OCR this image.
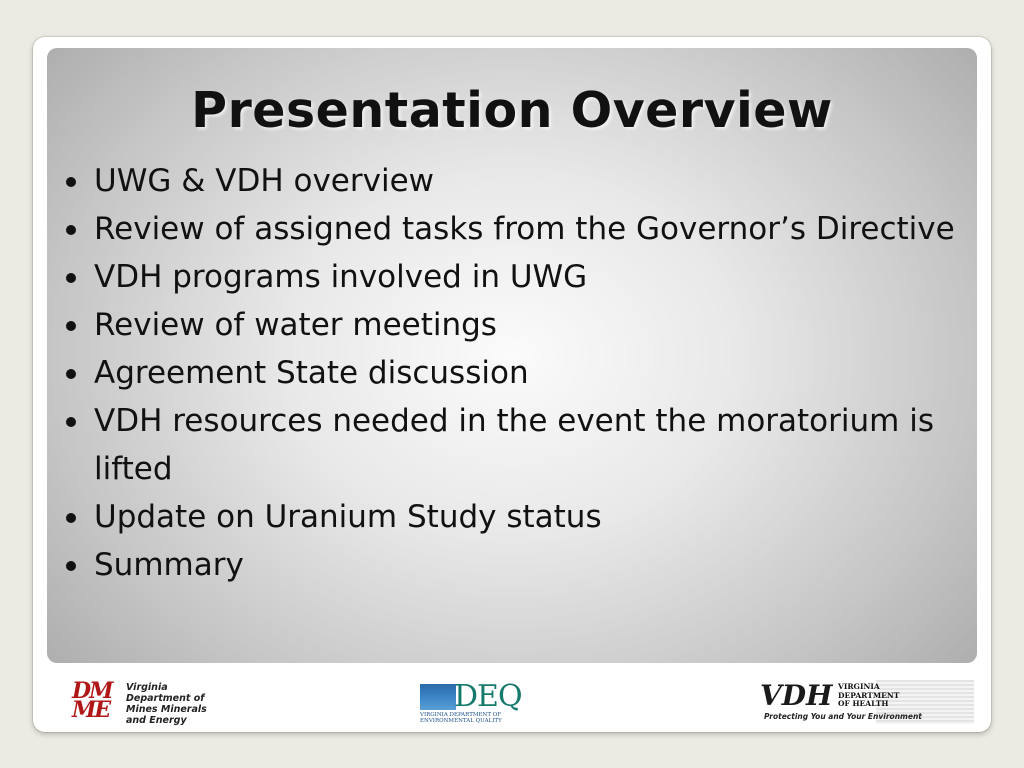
Presentation Overview
UWG & VDH overview
Review of assigned tasks from the Governor’s Directive
VDH programs involved in UWG
Review of water meetings
Agreement State discussion
VDH resources needed in the event the moratorium is lifted
Update on Uranium Study status
Summary
DM
ME
Virginia
Department of
Mines Minerals
and Energy
DEQ
VIRGINIA DEPARTMENT OF
ENVIRONMENTAL QUALITY
VDH VIRGINIA
DEPARTMENT
OF HEALTH
Protecting You and Your Environment
